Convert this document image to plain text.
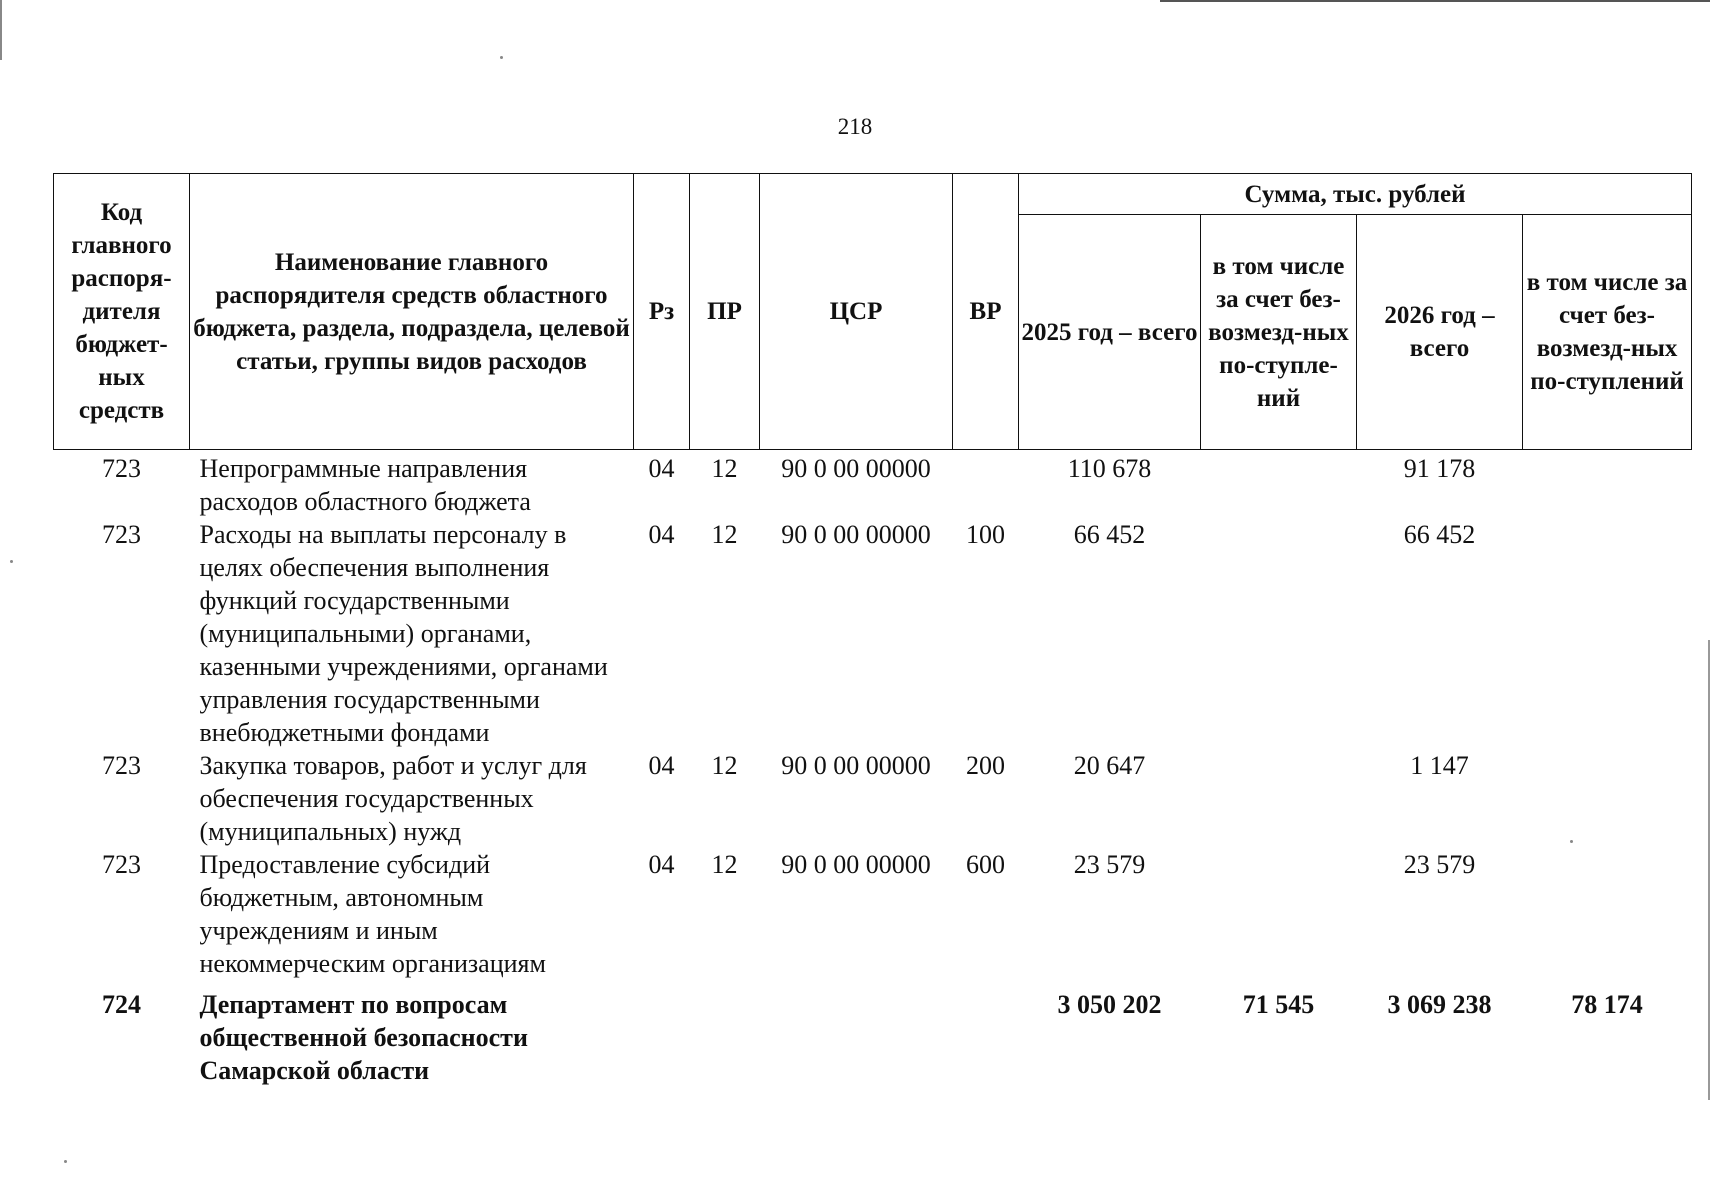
218
Код главного распоря-дителя бюджет-ных средств	Наименование главного распорядителя средств областного бюджета, раздела, подраздела, целевой статьи, группы видов расходов	Рз	ПР	ЦСР	ВР	Сумма, тыс. рублей			
						2025 год – всего	в том числе за счет без-возмезд-ных по-ступле-ний	2026 год – всего	в том числе за счет без-возмезд-ных по-ступлений
723	Непрограммные направления расходов областного бюджета	04	12	90 0 00 00000		110 678		91 178	
723	Расходы на выплаты персоналу в целях обеспечения выполнения функций государственными (муниципальными) органами, казенными учреждениями, органами управления государственными внебюджетными фондами	04	12	90 0 00 00000	100	66 452		66 452	
723	Закупка товаров, работ и услуг для обеспечения государственных (муниципальных) нужд	04	12	90 0 00 00000	200	20 647		1 147	
723	Предоставление субсидий бюджетным, автономным учреждениям и иным некоммерческим организациям	04	12	90 0 00 00000	600	23 579		23 579	
724	Департамент по вопросам общественной безопасности Самарской области					3 050 202	71 545	3 069 238	78 174
